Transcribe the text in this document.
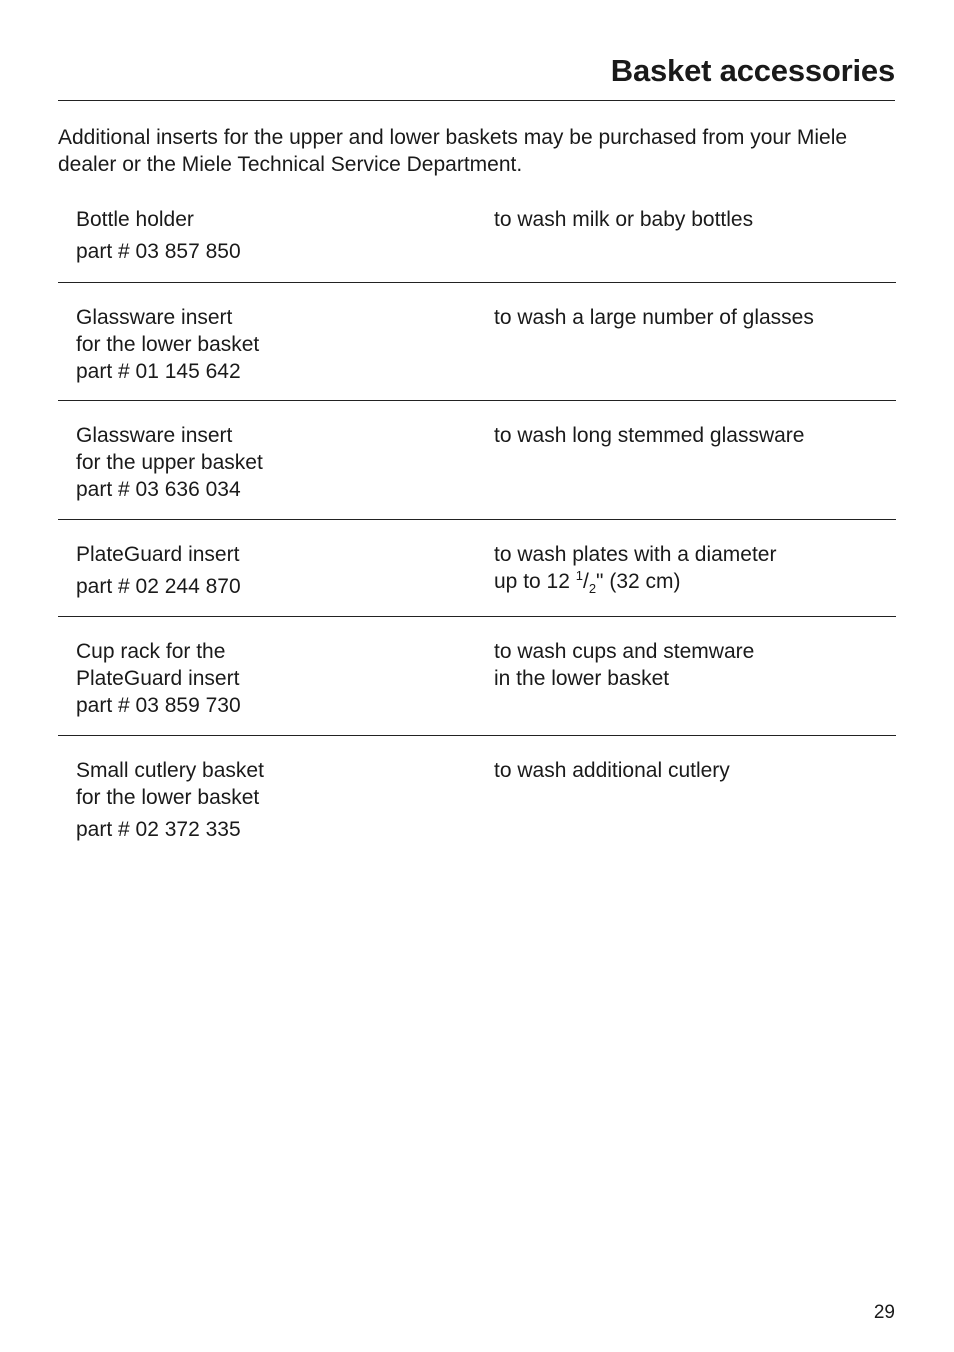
Basket accessories

Additional inserts for the upper and lower baskets may be purchased from your Miele dealer or the Miele Technical Service Department.

Bottle holder
part # 03 857 850
to wash milk or baby bottles
Glassware insert
for the lower basket
part # 01 145 642
to wash a large number of glasses
Glassware insert
for the upper basket
part # 03 636 034
to wash long stemmed glassware
PlateGuard insert
part # 02 244 870
to wash plates with a diameter
up to 12 $^1/_2$" (32 cm)
Cup rack for the
PlateGuard insert
part # 03 859 730
to wash cups and stemware
in the lower basket
Small cutlery basket
for the lower basket
part # 02 372 335
to wash additional cutlery

29
